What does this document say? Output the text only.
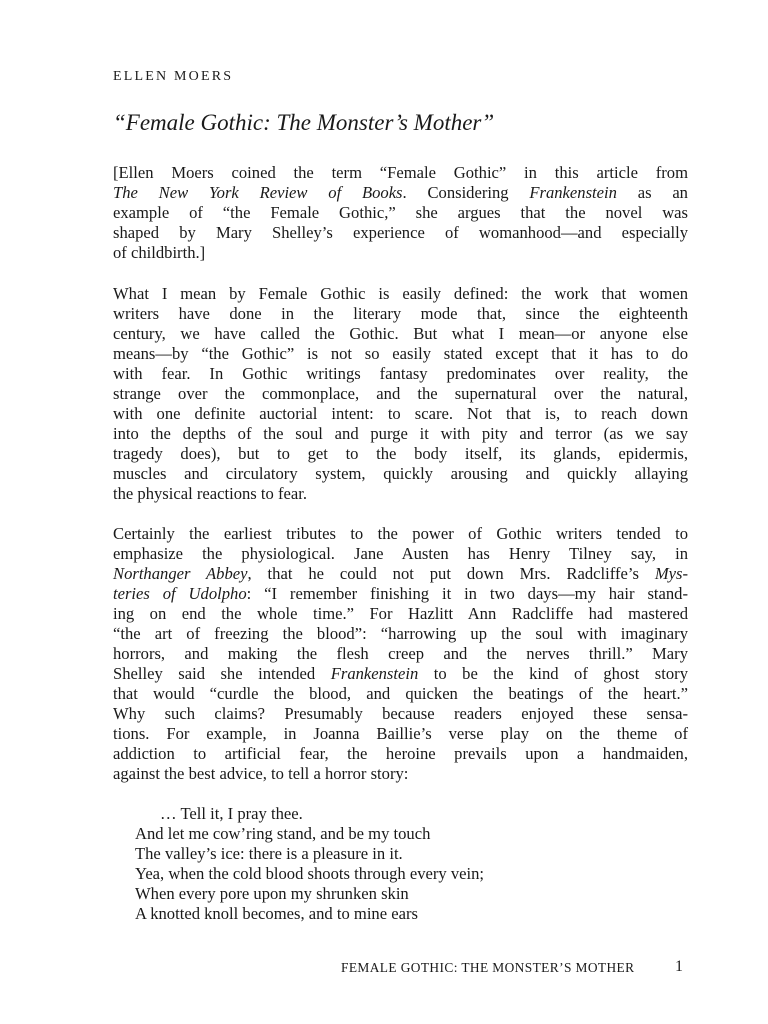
ELLEN MOERS
“Female Gothic: The Monster’s Mother”
[Ellen Moers coined the term “Female Gothic” in this article from
The New York Review of Books. Considering Frankenstein as an
example of “the Female Gothic,” she argues that the novel was
shaped by Mary Shelley’s experience of womanhood—and especially
of childbirth.]
What I mean by Female Gothic is easily defined: the work that women
writers have done in the literary mode that, since the eighteenth
century, we have called the Gothic. But what I mean—or anyone else
means—by “the Gothic” is not so easily stated except that it has to do
with fear. In Gothic writings fantasy predominates over reality, the
strange over the commonplace, and the supernatural over the natural,
with one definite auctorial intent: to scare. Not that is, to reach down
into the depths of the soul and purge it with pity and terror (as we say
tragedy does), but to get to the body itself, its glands, epidermis,
muscles and circulatory system, quickly arousing and quickly allaying
the physical reactions to fear.
Certainly the earliest tributes to the power of Gothic writers tended to
emphasize the physiological. Jane Austen has Henry Tilney say, in
Northanger Abbey, that he could not put down Mrs. Radcliffe’s Mys-
teries of Udolpho: “I remember finishing it in two days—my hair stand-
ing on end the whole time.” For Hazlitt Ann Radcliffe had mastered
“the art of freezing the blood”: “harrowing up the soul with imaginary
horrors, and making the flesh creep and the nerves thrill.” Mary
Shelley said she intended Frankenstein to be the kind of ghost story
that would “curdle the blood, and quicken the beatings of the heart.”
Why such claims? Presumably because readers enjoyed these sensa-
tions. For example, in Joanna Baillie’s verse play on the theme of
addiction to artificial fear, the heroine prevails upon a handmaiden,
against the best advice, to tell a horror story:
… Tell it, I pray thee.
And let me cow’ring stand, and be my touch
The valley’s ice: there is a pleasure in it.
Yea, when the cold blood shoots through every vein;
When every pore upon my shrunken skin
A knotted knoll becomes, and to mine ears
FEMALE GOTHIC: THE MONSTER’S MOTHER	1
